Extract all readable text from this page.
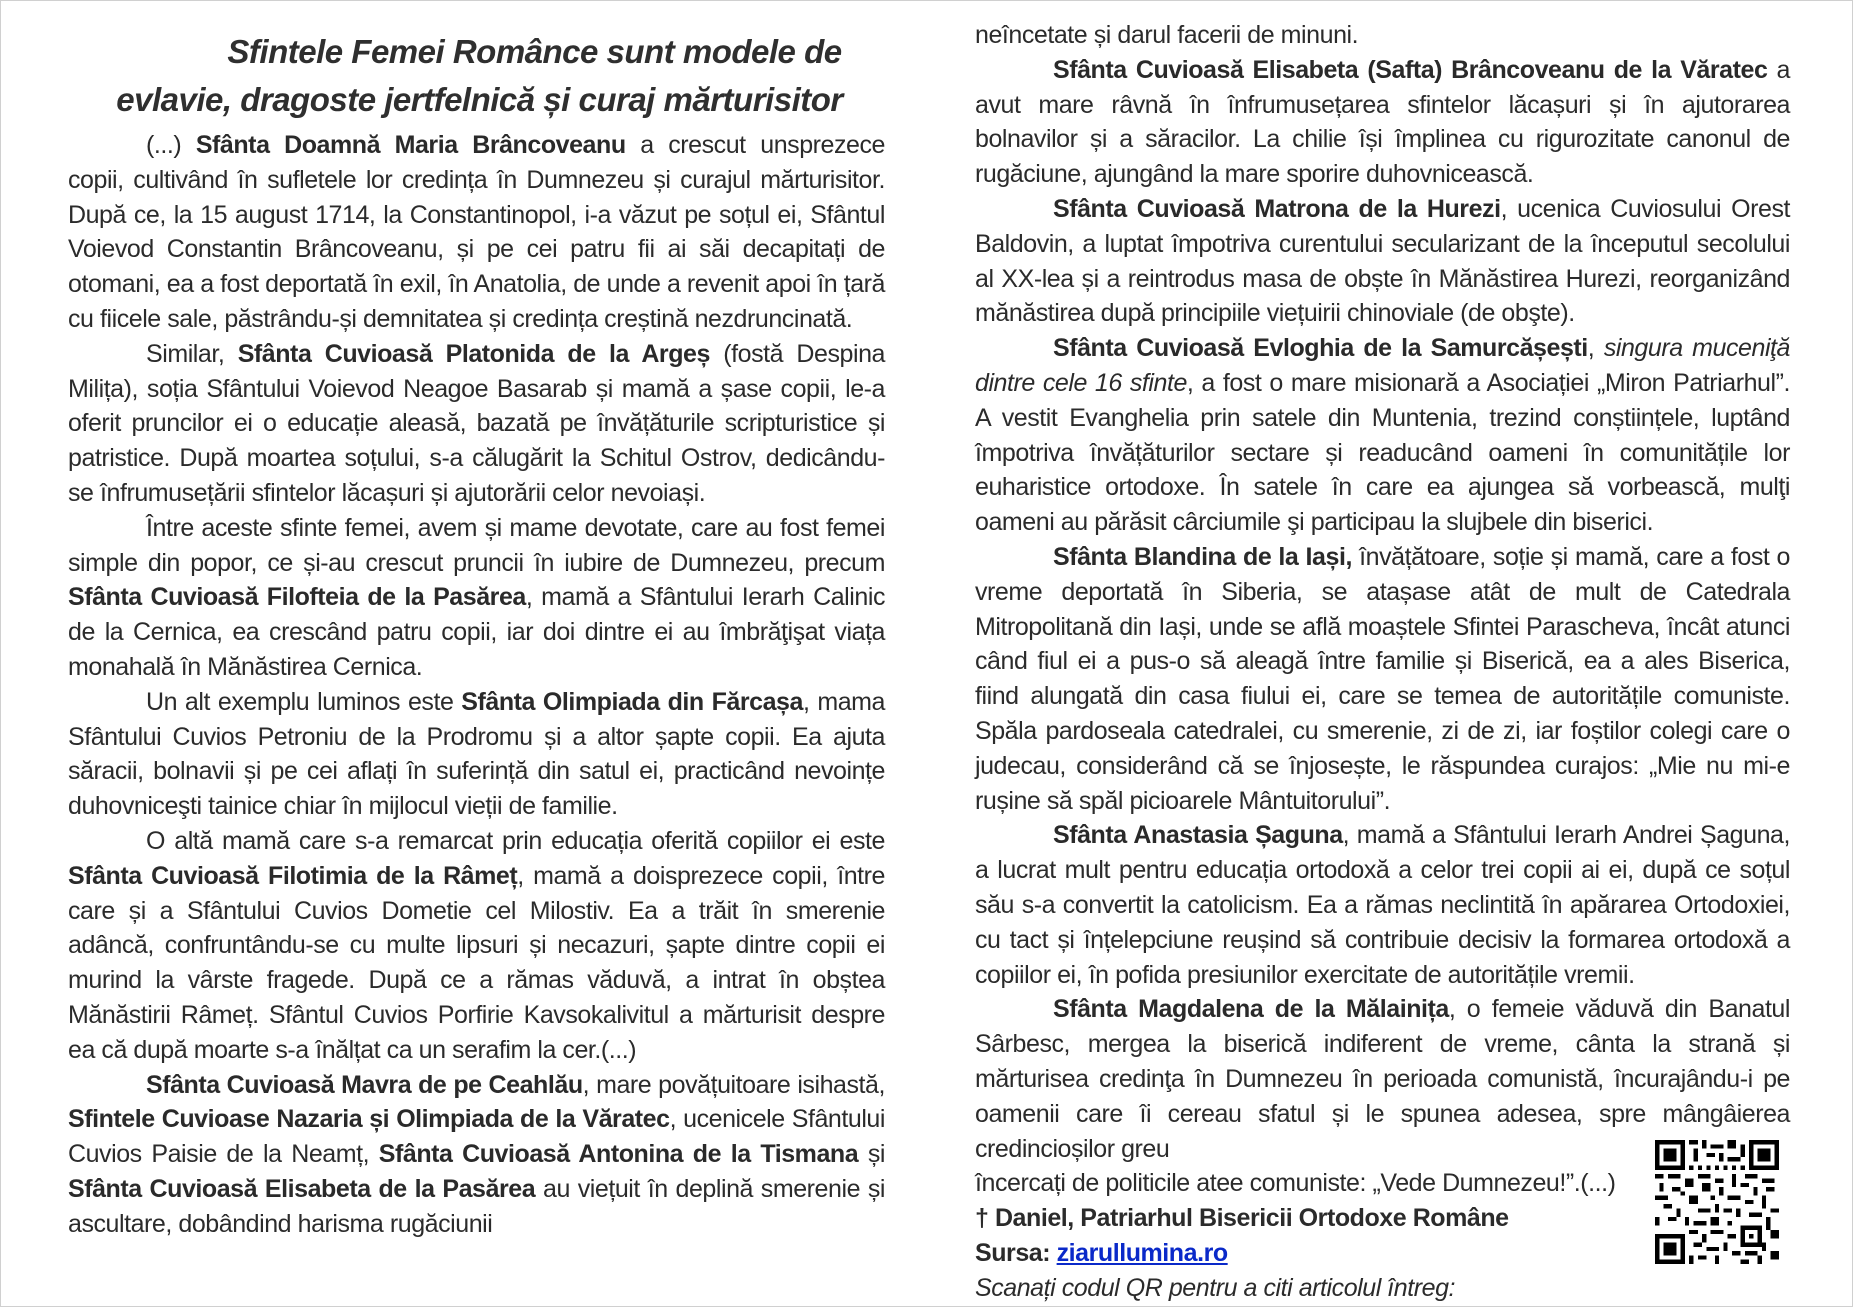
Sfintele Femei Românce sunt modele de
evlavie, dragoste jertfelnică și curaj mărturisitor

(...) Sfânta Doamnă Maria Brâncoveanu a crescut unsprezece copii, cultivând în sufletele lor credința în Dumnezeu și curajul mărturisitor. După ce, la 15 august 1714, la Constantinopol, i-a văzut pe soțul ei, Sfântul Voievod Constantin Brâncoveanu, și pe cei patru fii ai săi decapitați de otomani, ea a fost deportată în exil, în Anatolia, de unde a revenit apoi în țară cu fiicele sale, păstrându-și demnitatea și credința creștină nezdruncinată.

Similar, Sfânta Cuvioasă Platonida de la Argeș (fostă Despina Milița), soția Sfântului Voievod Neagoe Basarab și mamă a șase copii, le-a oferit pruncilor ei o educație aleasă, bazată pe învățăturile scripturistice și patristice. După moartea soțului, s-a călugărit la Schitul Ostrov, dedicându-se înfrumusețării sfintelor lăcașuri și ajutorării celor nevoiași.

Între aceste sfinte femei, avem și mame devotate, care au fost femei simple din popor, ce și-au crescut pruncii în iubire de Dumnezeu, precum Sfânta Cuvioasă Filofteia de la Pasărea, mamă a Sfântului Ierarh Calinic de la Cernica, ea crescând patru copii, iar doi dintre ei au îmbrăţişat viața monahală în Mănăstirea Cernica.

Un alt exemplu luminos este Sfânta Olimpiada din Fărcașa, mama Sfântului Cuvios Petroniu de la Prodromu și a altor șapte copii. Ea ajuta săracii, bolnavii și pe cei aflați în suferință din satul ei, practicând nevoințe duhovniceşti tainice chiar în mijlocul vieții de familie.

O altă mamă care s-a remarcat prin educația oferită copiilor ei este Sfânta Cuvioasă Filotimia de la Râmeț, mamă a doisprezece copii, între care și a Sfântului Cuvios Dometie cel Milostiv. Ea a trăit în smerenie adâncă, confruntându-se cu multe lipsuri și necazuri, șapte dintre copii ei murind la vârste fragede. După ce a rămas văduvă, a intrat în obștea Mănăstirii Râmeț. Sfântul Cuvios Porfirie Kavsokalivitul a mărturisit despre ea că după moarte s-a înălțat ca un serafim la cer.(...)

Sfânta Cuvioasă Mavra de pe Ceahlău, mare povățuitoare isihastă, Sfintele Cuvioase Nazaria și Olimpiada de la Văratec, ucenicele Sfântului Cuvios Paisie de la Neamț, Sfânta Cuvioasă Antonina de la Tismana și Sfânta Cuvioasă Elisabeta de la Pasărea au viețuit în deplină smerenie și ascultare, dobândind harisma rugăciunii

neîncetate și darul facerii de minuni.

Sfânta Cuvioasă Elisabeta (Safta) Brâncoveanu de la Văratec a avut mare râvnă în înfrumusețarea sfintelor lăcașuri și în ajutorarea bolnavilor și a săracilor. La chilie își împlinea cu rigurozitate canonul de rugăciune, ajungând la mare sporire duhovnicească.

Sfânta Cuvioasă Matrona de la Hurezi, ucenica Cuviosului Orest Baldovin, a luptat împotriva curentului secularizant de la începutul secolului al XX-lea și a reintrodus masa de obște în Mănăstirea Hurezi, reorganizând mănăstirea după principiile viețuirii chinoviale (de obşte).

Sfânta Cuvioasă Evloghia de la Samurcășești, singura muceniţă dintre cele 16 sfinte, a fost o mare misionară a Asociației „Miron Patriarhul”. A vestit Evanghelia prin satele din Muntenia, trezind conștiințele, luptând împotriva învățăturilor sectare și readucând oameni în comunitățile lor euharistice ortodoxe. În satele în care ea ajungea să vorbească, mulţi oameni au părăsit cârciumile şi participau la slujbele din biserici.

Sfânta Blandina de la Iași, învățătoare, soție și mamă, care a fost o vreme deportată în Siberia, se atașase atât de mult de Catedrala Mitropolitană din Iași, unde se află moaștele Sfintei Parascheva, încât atunci când fiul ei a pus-o să aleagă între familie și Biserică, ea a ales Biserica, fiind alungată din casa fiului ei, care se temea de autoritățile comuniste. Spăla pardoseala catedralei, cu smerenie, zi de zi, iar foștilor colegi care o judecau, considerând că se înjosește, le răspundea curajos: „Mie nu mi-e rușine să spăl picioarele Mântuitorului”.

Sfânta Anastasia Șaguna, mamă a Sfântului Ierarh Andrei Șaguna, a lucrat mult pentru educația ortodoxă a celor trei copii ai ei, după ce soțul său s-a convertit la catolicism. Ea a rămas neclintită în apărarea Ortodoxiei, cu tact și înțelepciune reușind să contribuie decisiv la formarea ortodoxă a copiilor ei, în pofida presiunilor exercitate de autoritățile vremii.

Sfânta Magdalena de la Mălainița, o femeie văduvă din Banatul Sârbesc, mergea la biserică indiferent de vreme, cânta la strană și mărturisea credinţa în Dumnezeu în perioada comunistă, încurajându-i pe oamenii care îi cereau sfatul și le spunea adesea, spre mângâierea credincioșilor greu

încercați de politicile atee comuniste: „Vede Dumnezeu!”.(...)

† Daniel, Patriarhul Bisericii Ortodoxe Române

Sursa: ziarullumina.ro

Scanați codul QR pentru a citi articolul întreg:
